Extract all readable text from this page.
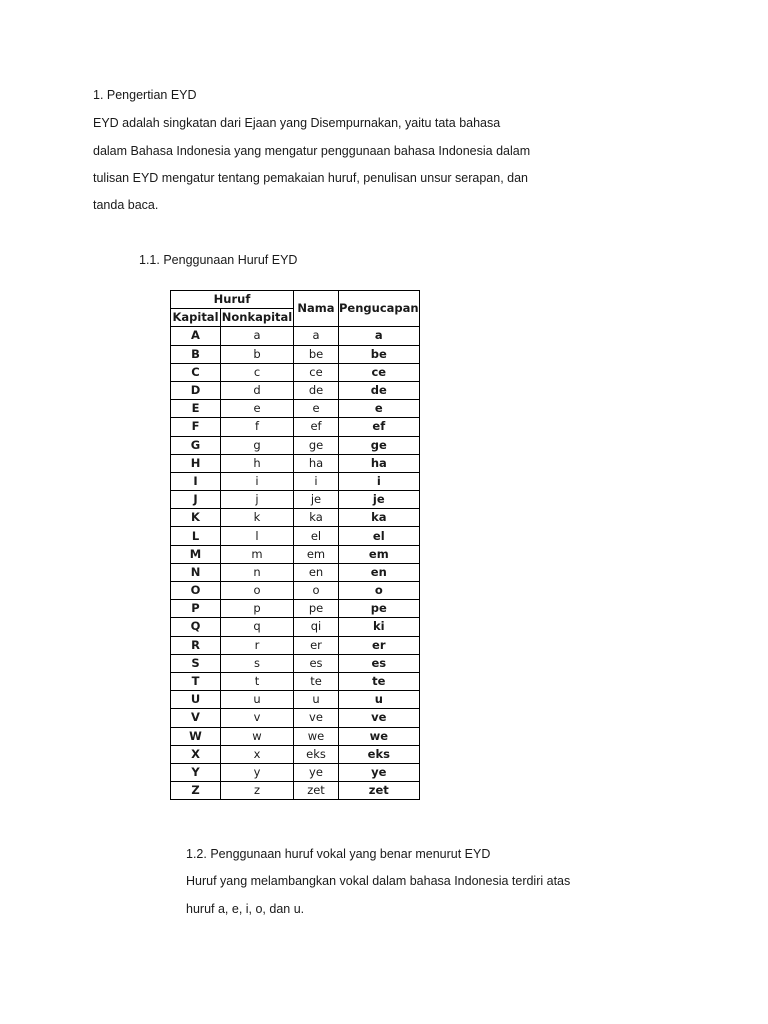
1. Pengertian EYD
EYD adalah singkatan dari Ejaan yang Disempurnakan, yaitu tata bahasa
dalam Bahasa Indonesia yang mengatur penggunaan bahasa Indonesia dalam
tulisan EYD mengatur tentang pemakaian huruf, penulisan unsur serapan, dan
tanda baca.
1.1. Penggunaan Huruf EYD
Huruf		Nama	Pengucapan
Kapital	Nonkapital		
A	a	a	a
B	b	be	be
C	c	ce	ce
D	d	de	de
E	e	e	e
F	f	ef	ef
G	g	ge	ge
H	h	ha	ha
I	i	i	i
J	j	je	je
K	k	ka	ka
L	l	el	el
M	m	em	em
N	n	en	en
O	o	o	o
P	p	pe	pe
Q	q	qi	ki
R	r	er	er
S	s	es	es
T	t	te	te
U	u	u	u
V	v	ve	ve
W	w	we	we
X	x	eks	eks
Y	y	ye	ye
Z	z	zet	zet
1.2. Penggunaan huruf vokal yang benar menurut EYD
Huruf yang melambangkan vokal dalam bahasa Indonesia terdiri atas
huruf a, e, i, o, dan u.
